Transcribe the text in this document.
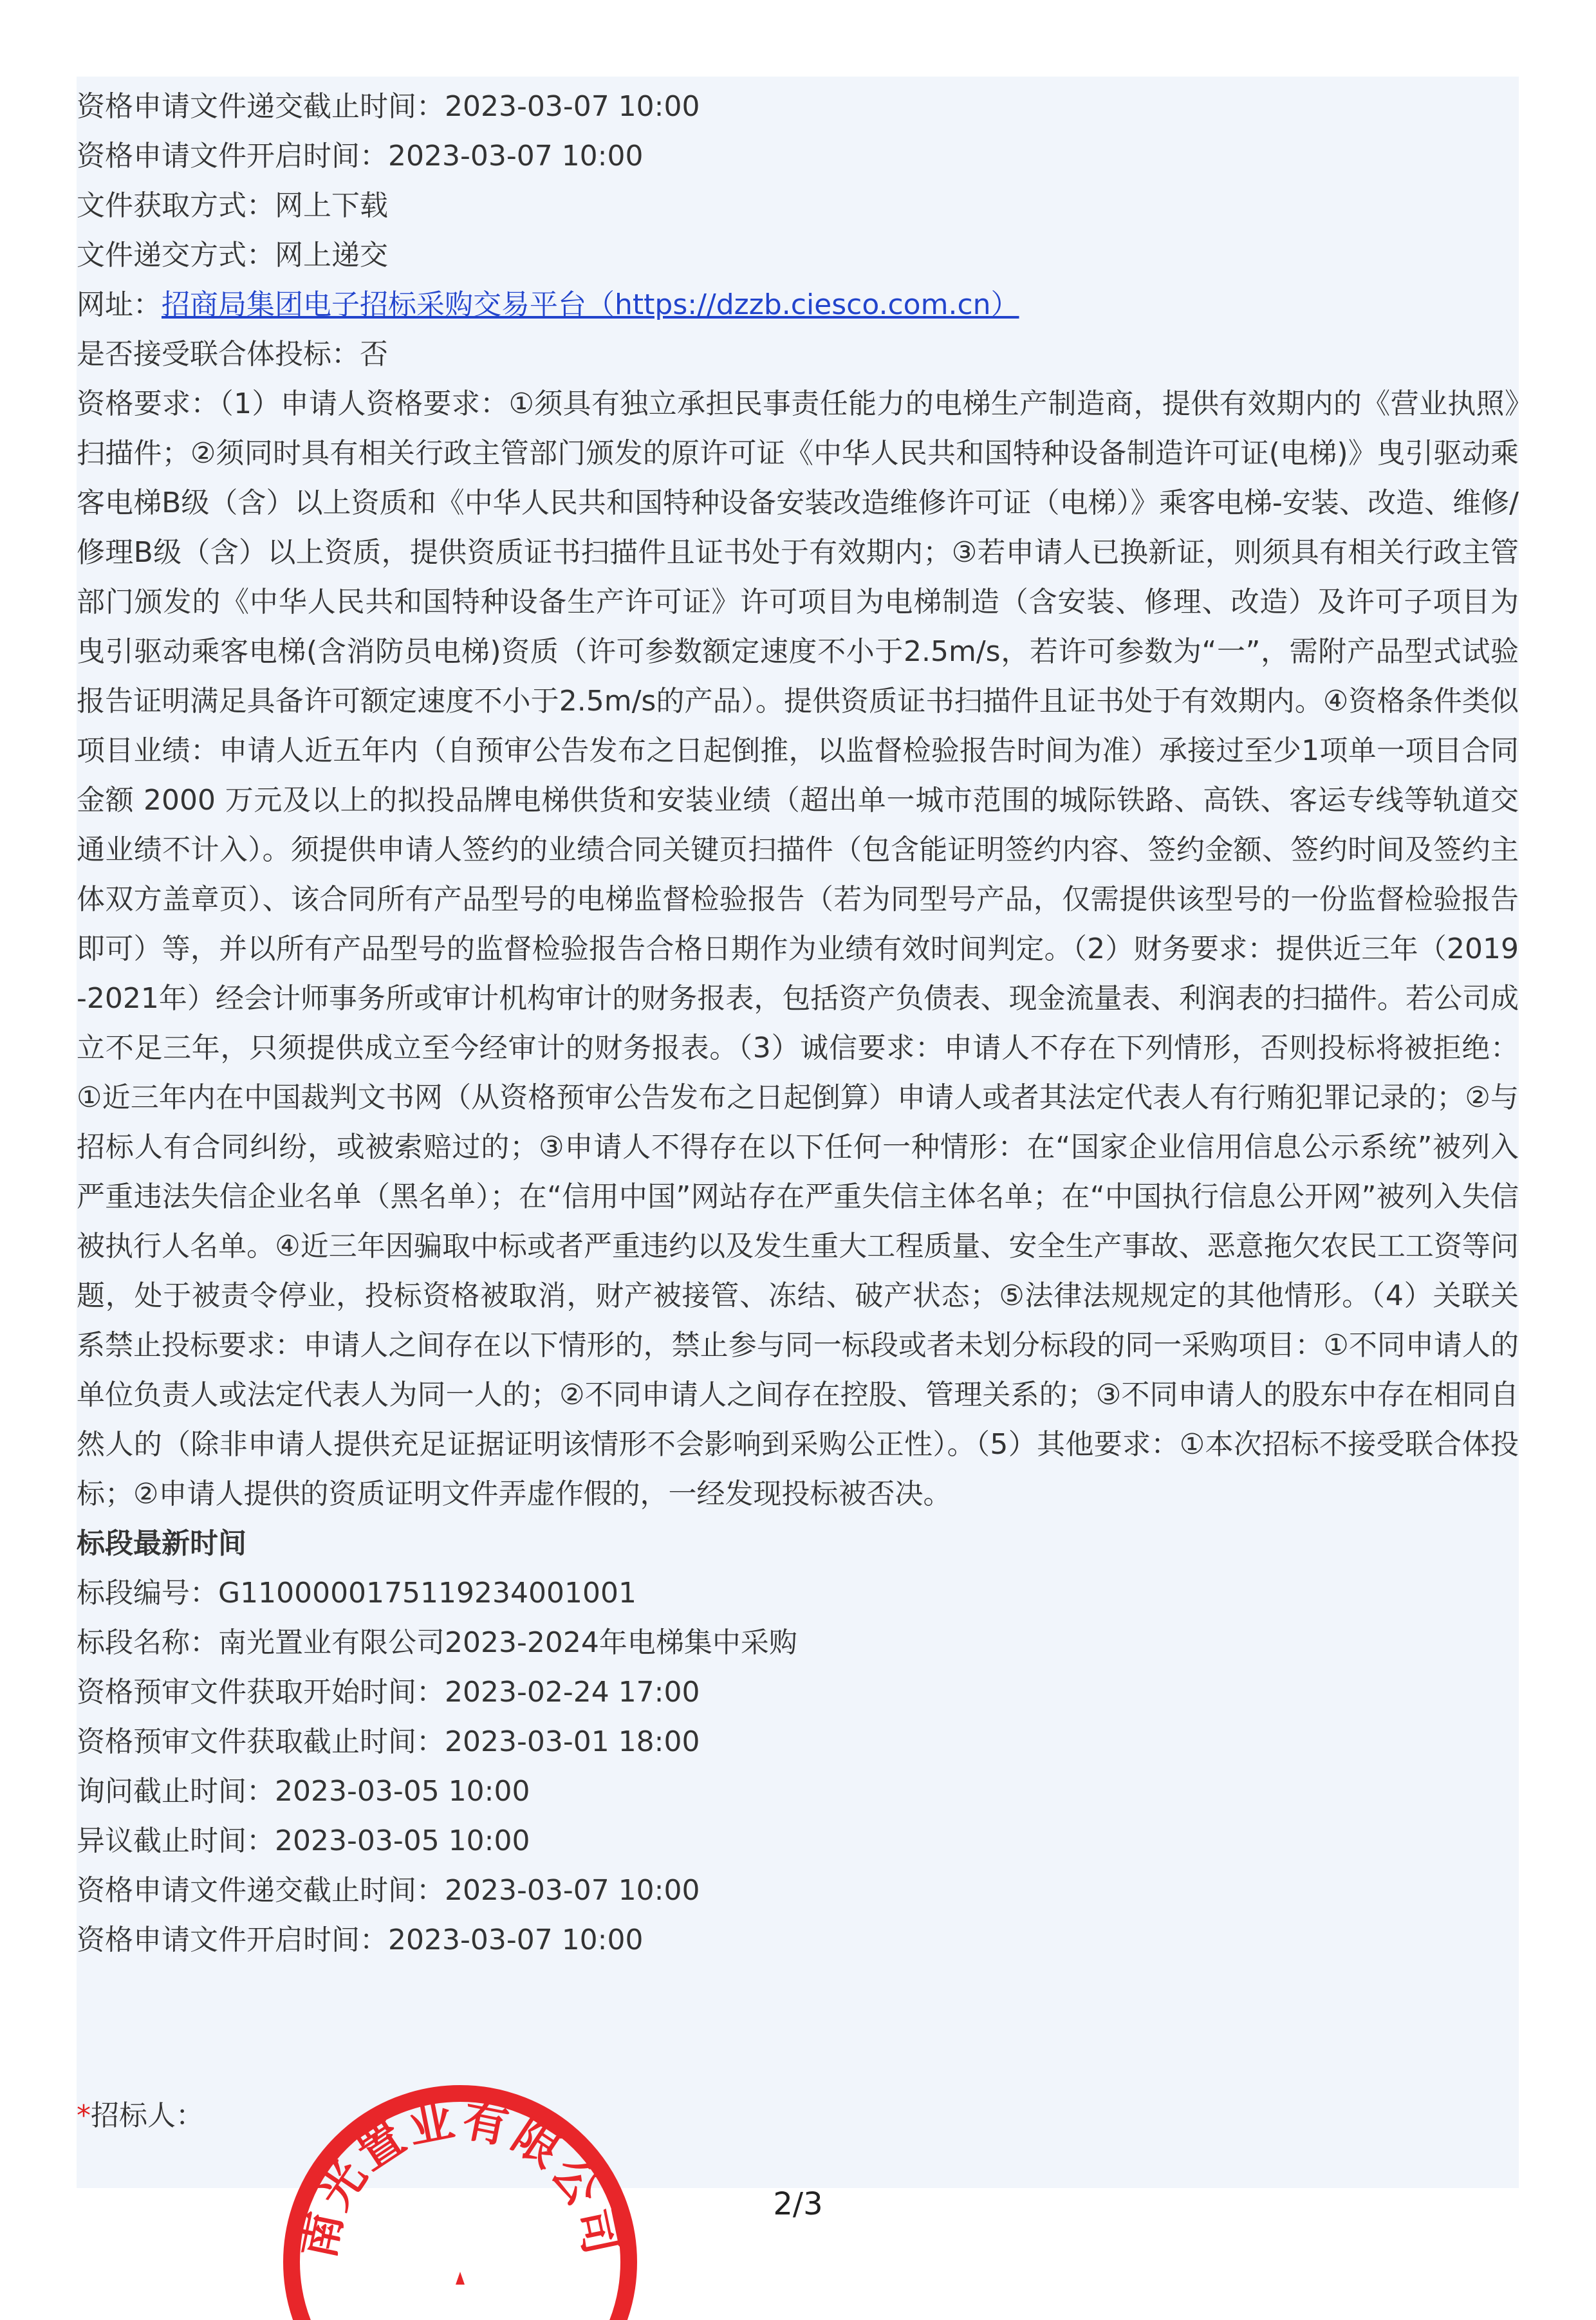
资格申请文件递交截止时间：2023-03-07 10:00
资格申请文件开启时间：2023-03-07 10:00
文件获取方式：网上下载
文件递交方式：网上递交
网址：招商局集团电子招标采购交易平台（https://dzzb.ciesco.com.cn）
是否接受联合体投标：否
资格要求：（1）申请人资格要求：①须具有独立承担民事责任能力的电梯生产制造商，提供有效期内的《营业执照》扫描件；②须同时具有相关行政主管部门颁发的原许可证《中华人民共和国特种设备制造许可证(电梯)》曳引驱动乘客电梯B级（含）以上资质和《中华人民共和国特种设备安装改造维修许可证（电梯）》乘客电梯-安装、改造、维修/修理B级（含）以上资质，提供资质证书扫描件且证书处于有效期内；③若申请人已换新证，则须具有相关行政主管部门颁发的《中华人民共和国特种设备生产许可证》许可项目为电梯制造（含安装、修理、改造）及许可子项目为曳引驱动乘客电梯(含消防员电梯)资质（许可参数额定速度不小于2.5m/s，若许可参数为“一”，需附产品型式试验报告证明满足具备许可额定速度不小于2.5m/s的产品）。提供资质证书扫描件且证书处于有效期内。④资格条件类似项目业绩：申请人近五年内（自预审公告发布之日起倒推，以监督检验报告时间为准）承接过至少1项单一项目合同金额 2000 万元及以上的拟投品牌电梯供货和安装业绩（超出单一城市范围的城际铁路、高铁、客运专线等轨道交通业绩不计入）。须提供申请人签约的业绩合同关键页扫描件（包含能证明签约内容、签约金额、签约时间及签约主体双方盖章页）、该合同所有产品型号的电梯监督检验报告（若为同型号产品，仅需提供该型号的一份监督检验报告即可）等，并以所有产品型号的监督检验报告合格日期作为业绩有效时间判定。（2）财务要求：提供近三年（2019-2021年）经会计师事务所或审计机构审计的财务报表，包括资产负债表、现金流量表、利润表的扫描件。若公司成立不足三年，只须提供成立至今经审计的财务报表。（3）诚信要求：申请人不存在下列情形，否则投标将被拒绝：①近三年内在中国裁判文书网（从资格预审公告发布之日起倒算）申请人或者其法定代表人有行贿犯罪记录的；②与招标人有合同纠纷，或被索赔过的；③申请人不得存在以下任何一种情形：在“国家企业信用信息公示系统”被列入严重违法失信企业名单（黑名单）；在“信用中国”网站存在严重失信主体名单；在“中国执行信息公开网”被列入失信被执行人名单。④近三年因骗取中标或者严重违约以及发生重大工程质量、安全生产事故、恶意拖欠农民工工资等问题，处于被责令停业，投标资格被取消，财产被接管、冻结、破产状态；⑤法律法规规定的其他情形。（4）关联关系禁止投标要求：申请人之间存在以下情形的，禁止参与同一标段或者未划分标段的同一采购项目：①不同申请人的单位负责人或法定代表人为同一人的；②不同申请人之间存在控股、管理关系的；③不同申请人的股东中存在相同自然人的（除非申请人提供充足证据证明该情形不会影响到采购公正性）。（5）其他要求：①本次招标不接受联合体投标；②申请人提供的资质证明文件弄虚作假的，一经发现投标被否决。
标段最新时间
标段编号：G1100000175119234001001
标段名称：南光置业有限公司2023-2024年电梯集中采购
资格预审文件获取开始时间：2023-02-24 17:00
资格预审文件获取截止时间：2023-03-01 18:00
询问截止时间：2023-03-05 10:00
异议截止时间：2023-03-05 10:00
资格申请文件递交截止时间：2023-03-07 10:00
资格申请文件开启时间：2023-03-07 10:00
*招标人：
南光置业有限公司	2/3
